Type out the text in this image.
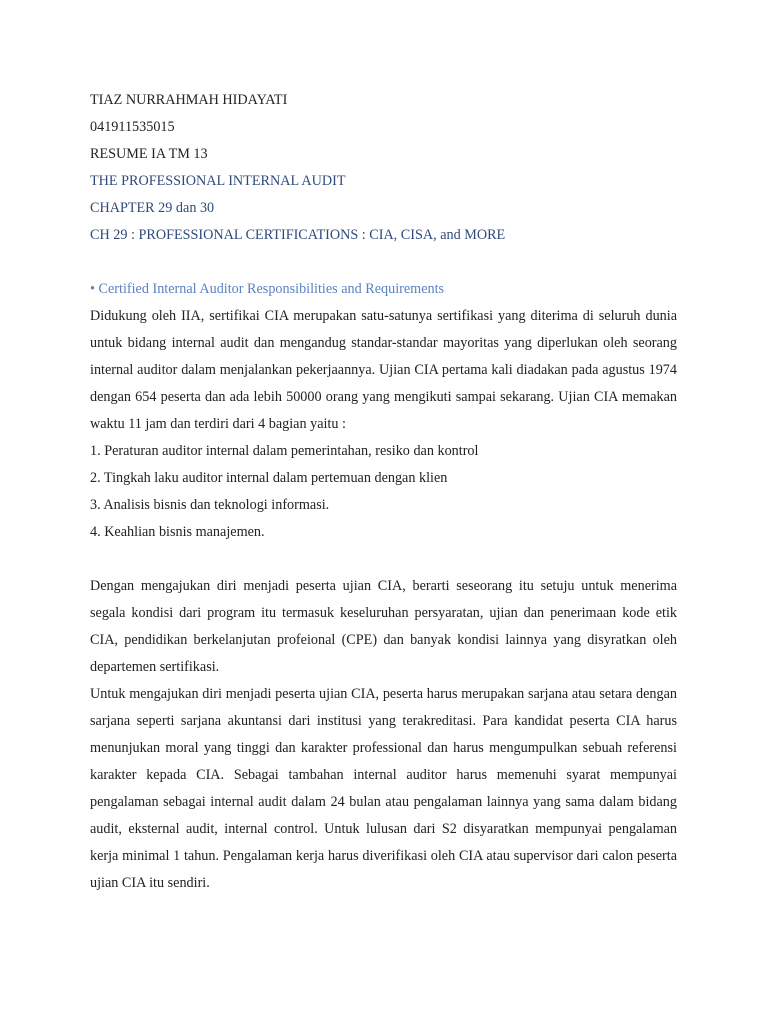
TIAZ NURRAHMAH HIDAYATI
041911535015
RESUME IA TM 13
THE PROFESSIONAL INTERNAL AUDIT
CHAPTER 29 dan 30
CH 29 : PROFESSIONAL CERTIFICATIONS : CIA, CISA, and MORE
• Certified Internal Auditor Responsibilities and Requirements

Didukung oleh IIA, sertifikai CIA merupakan satu-satunya sertifikasi yang diterima di seluruh dunia untuk bidang internal audit dan mengandug standar-standar mayoritas yang diperlukan oleh seorang internal auditor dalam menjalankan pekerjaannya. Ujian CIA pertama kali diadakan pada agustus 1974 dengan 654 peserta dan ada lebih 50000 orang yang mengikuti sampai sekarang. Ujian CIA memakan waktu 11 jam dan terdiri dari 4 bagian yaitu :

1. Peraturan auditor internal dalam pemerintahan, resiko dan kontrol
2. Tingkah laku auditor internal dalam pertemuan dengan klien
3. Analisis bisnis dan teknologi informasi.
4. Keahlian bisnis manajemen.

Dengan mengajukan diri menjadi peserta ujian CIA, berarti seseorang itu setuju untuk menerima segala kondisi dari program itu termasuk keseluruhan persyaratan, ujian dan penerimaan kode etik CIA, pendidikan berkelanjutan profeional (CPE) dan banyak kondisi lainnya yang disyratkan oleh departemen sertifikasi.

Untuk mengajukan diri menjadi peserta ujian CIA, peserta harus merupakan sarjana atau setara dengan sarjana seperti sarjana akuntansi dari institusi yang terakreditasi. Para kandidat peserta CIA harus menunjukan moral yang tinggi dan karakter professional dan harus mengumpulkan sebuah referensi karakter kepada CIA. Sebagai tambahan internal auditor harus memenuhi syarat mempunyai pengalaman sebagai internal audit dalam 24 bulan atau pengalaman lainnya yang sama dalam bidang audit, eksternal audit, internal control. Untuk lulusan dari S2 disyaratkan mempunyai pengalaman kerja minimal 1 tahun. Pengalaman kerja harus diverifikasi oleh CIA atau supervisor dari calon peserta ujian CIA itu sendiri.
